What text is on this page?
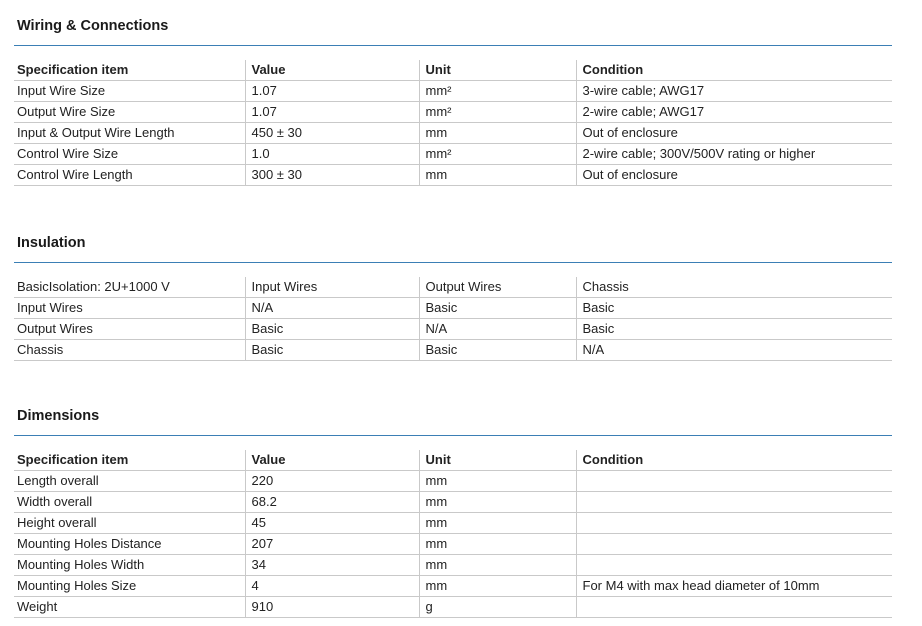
Wiring & Connections
Specification item	Value	Unit	Condition
Input Wire Size	1.07	mm²	3-wire cable; AWG17
Output Wire Size	1.07	mm²	2-wire cable; AWG17
Input & Output Wire Length	450 ± 30	mm	Out of enclosure
Control Wire Size	1.0	mm²	2-wire cable; 300V/500V rating or higher
Control Wire Length	300 ± 30	mm	Out of enclosure
Insulation
BasicIsolation: 2U+1000 V	Input Wires	Output Wires	Chassis
Input Wires	N/A	Basic	Basic
Output Wires	Basic	N/A	Basic
Chassis	Basic	Basic	N/A
Dimensions
Specification item	Value	Unit	Condition
Length overall	220	mm	
Width overall	68.2	mm	
Height overall	45	mm	
Mounting Holes Distance	207	mm	
Mounting Holes Width	34	mm	
Mounting Holes Size	4	mm	For M4 with max head diameter of 10mm
Weight	910	g	
